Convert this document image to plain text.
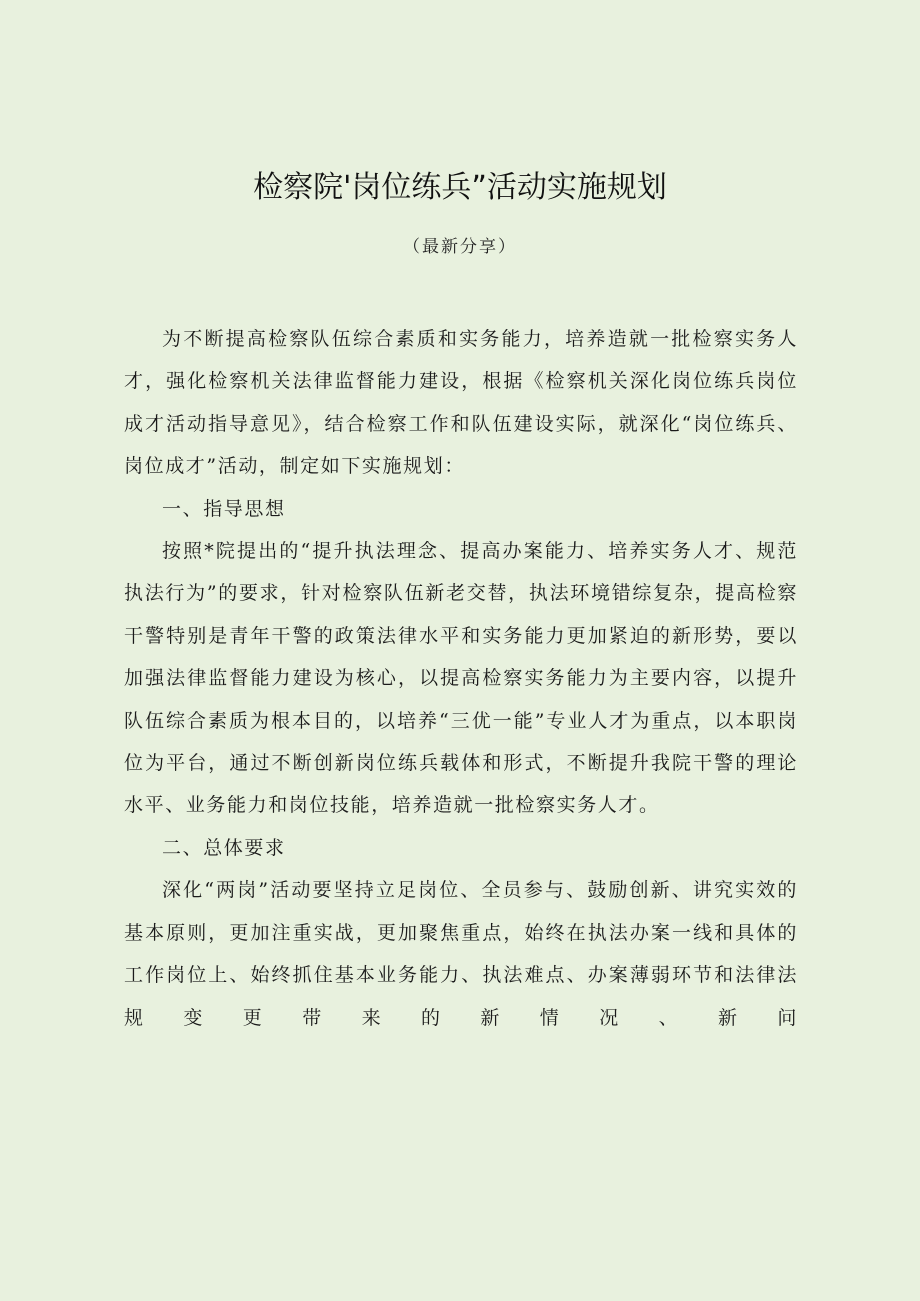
检察院'岗位练兵”活动实施规划
（最新分享）

为不断提高检察队伍综合素质和实务能力，培养造就一批检察实务人才，强化检察机关法律监督能力建设，根据《检察机关深化岗位练兵岗位成才活动指导意见》，结合检察工作和队伍建设实际，就深化“岗位练兵、岗位成才”活动，制定如下实施规划：

一、指导思想

按照*院提出的“提升执法理念、提高办案能力、培养实务人才、规范执法行为”的要求，针对检察队伍新老交替，执法环境错综复杂，提高检察干警特别是青年干警的政策法律水平和实务能力更加紧迫的新形势，要以加强法律监督能力建设为核心，以提高检察实务能力为主要内容，以提升队伍综合素质为根本目的，以培养“三优一能”专业人才为重点，以本职岗位为平台，通过不断创新岗位练兵载体和形式，不断提升我院干警的理论水平、业务能力和岗位技能，培养造就一批检察实务人才。

二、总体要求

深化“两岗”活动要坚持立足岗位、全员参与、鼓励创新、讲究实效的基本原则，更加注重实战，更加聚焦重点，始终在执法办案一线和具体的工作岗位上、始终抓住基本业务能力、执法难点、办案薄弱环节和法律法规变更带来的新情况、新问
